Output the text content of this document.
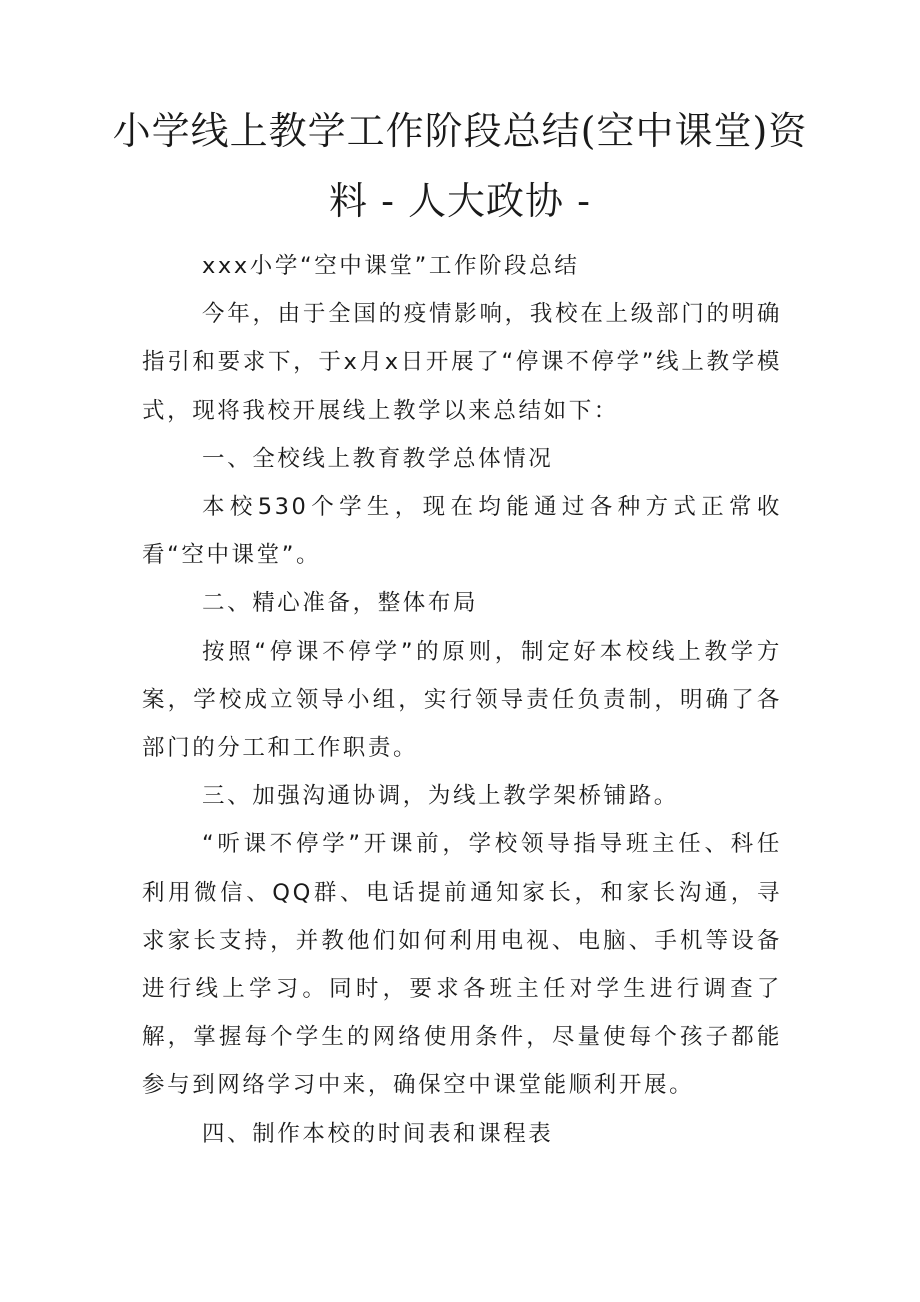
小学线上教学工作阶段总结(空中课堂)资
料 - 人大政协 -

xxx小学“空中课堂”工作阶段总结

今年，由于全国的疫情影响，我校在上级部门的明确指引和要求下，于x月x日开展了“停课不停学”线上教学模式，现将我校开展线上教学以来总结如下：

一、全校线上教育教学总体情况

本校530个学生，现在均能通过各种方式正常收看“空中课堂”。

二、精心准备，整体布局

按照“停课不停学”的原则，制定好本校线上教学方案，学校成立领导小组，实行领导责任负责制，明确了各部门的分工和工作职责。

三、加强沟通协调，为线上教学架桥铺路。

“听课不停学”开课前，学校领导指导班主任、科任利用微信、QQ群、电话提前通知家长，和家长沟通，寻求家长支持，并教他们如何利用电视、电脑、手机等设备进行线上学习。同时，要求各班主任对学生进行调查了解，掌握每个学生的网络使用条件，尽量使每个孩子都能参与到网络学习中来，确保空中课堂能顺利开展。

四、制作本校的时间表和课程表
